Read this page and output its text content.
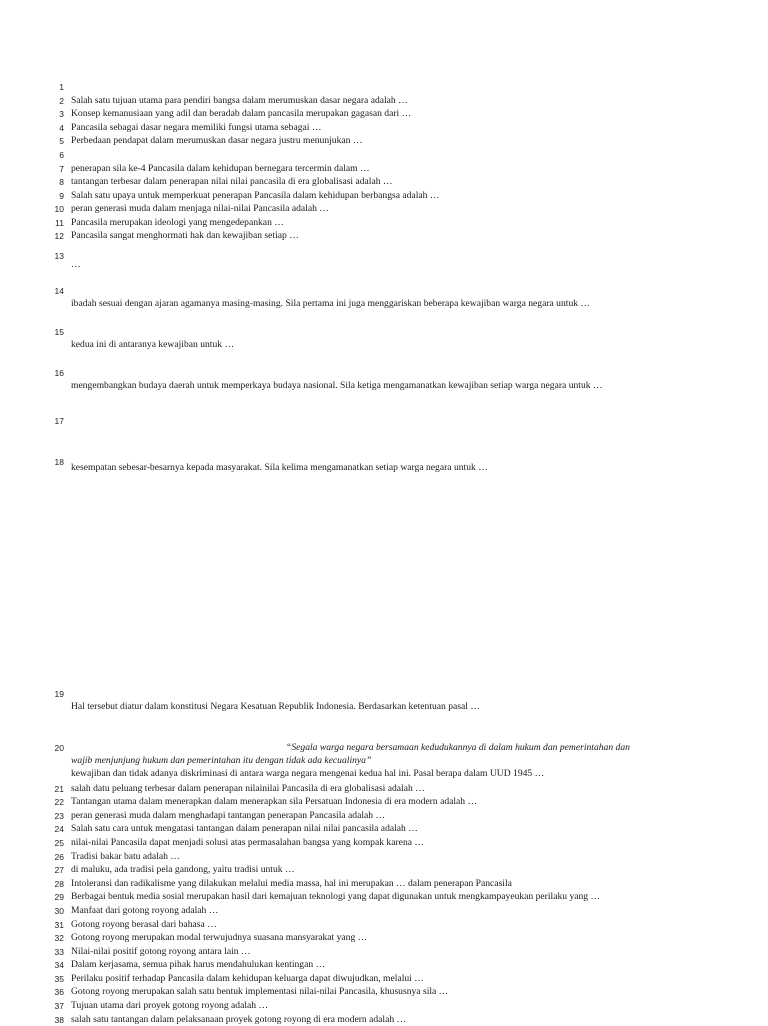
1
2
3
4
5
6
7
8
9
10
11
12
13
14
15
16
17
18
19
20
21
22
23
24
25
26
27
28
29
30
31
32
33
34
35
36
37
38
Salah satu tujuan utama para pendiri bangsa dalam merumuskan dasar negara adalah …
Konsep kemanusiaan yang adil dan beradab dalam pancasila merupakan gagasan dari …
Pancasila sebagai dasar negara memiliki fungsi utama sebagai …
Perbedaan pendapat dalam merumuskan dasar negara justru menunjukan …
penerapan sila ke-4 Pancasila dalam kehidupan bernegara tercermin dalam …
tantangan terbesar dalam penerapan nilai nilai pancasila di era globalisasi adalah …
Salah satu upaya untuk memperkuat penerapan Pancasila dalam kehidupan berbangsa adalah …
peran generasi muda dalam menjaga nilai-nilai Pancasila adalah …
Pancasila merupakan ideologi yang mengedepankan …
Pancasila sangat menghormati hak dan kewajiban setiap …
…
ibadah sesuai dengan ajaran agamanya masing-masing. Sila pertama ini juga menggariskan beberapa kewajiban warga negara untuk …
kedua ini di antaranya kewajiban untuk …
mengembangkan budaya daerah untuk memperkaya budaya nasional. Sila ketiga mengamanatkan kewajiban setiap warga negara untuk …
kesempatan sebesar-besarnya kepada masyarakat. Sila kelima mengamanatkan setiap warga negara untuk …
Hal tersebut diatur dalam konstitusi Negara Kesatuan Republik Indonesia. Berdasarkan ketentuan pasal …
“Segala warga negara bersamaan kedudukannya di dalam hukum dan pemerintahan dan
wajib menjunjung hukum dan pemerintahan itu dengan tidak ada kecualinya”
kewajiban dan tidak adanya diskriminasi di antara warga negara mengenai kedua hal ini. Pasal berapa dalam UUD 1945 …
salah datu peluang terbesar dalam penerapan nilainilai Pancasila di era globalisasi adalah …
Tantangan utama dalam menerapkan dalam menerapkan sila Persatuan Indonesia di era modern adalah …
peran generasi muda dalam menghadapi tantangan penerapan Pancasila adalah …
Salah satu cara untuk mengatasi tantangan dalam penerapan nilai nilai pancasila adalah …
nilai-nilai Pancasila dapat menjadi solusi atas permasalahan bangsa yang kompak karena …
Tradisi bakar batu adalah …
di maluku, ada tradisi pela gandong, yaitu tradisi untuk …
Intoleransi dan radikalisme yang dilakukan melalui media massa, hal ini merupakan … dalam penerapan Pancasila
Berbagai bentuk media sosial merupakan hasil dari kemajuan teknologi yang dapat digunakan untuk mengkampayeukan perilaku yang …
Manfaat dari gotong royong adalah …
Gotong royong berasal dari bahasa …
Gotong royong merupakan modal terwujudnya suasana mansyarakat yang …
Nilai-nilai positif gotong royong antara lain …
Dalam kerjasama, semua pihak harus mendahulukan kentingan …
Perilaku positif terhadap Pancasila dalam kehidupan keluarga dapat diwujudkan, melalui …
Gotong royong merupakan salah satu bentuk implementasi nilai-nilai Pancasila, khususnya sila …
Tujuan utama dari proyek gotong royong adalah …
salah satu tantangan dalam pelaksanaan proyek gotong royong di era modern adalah …
